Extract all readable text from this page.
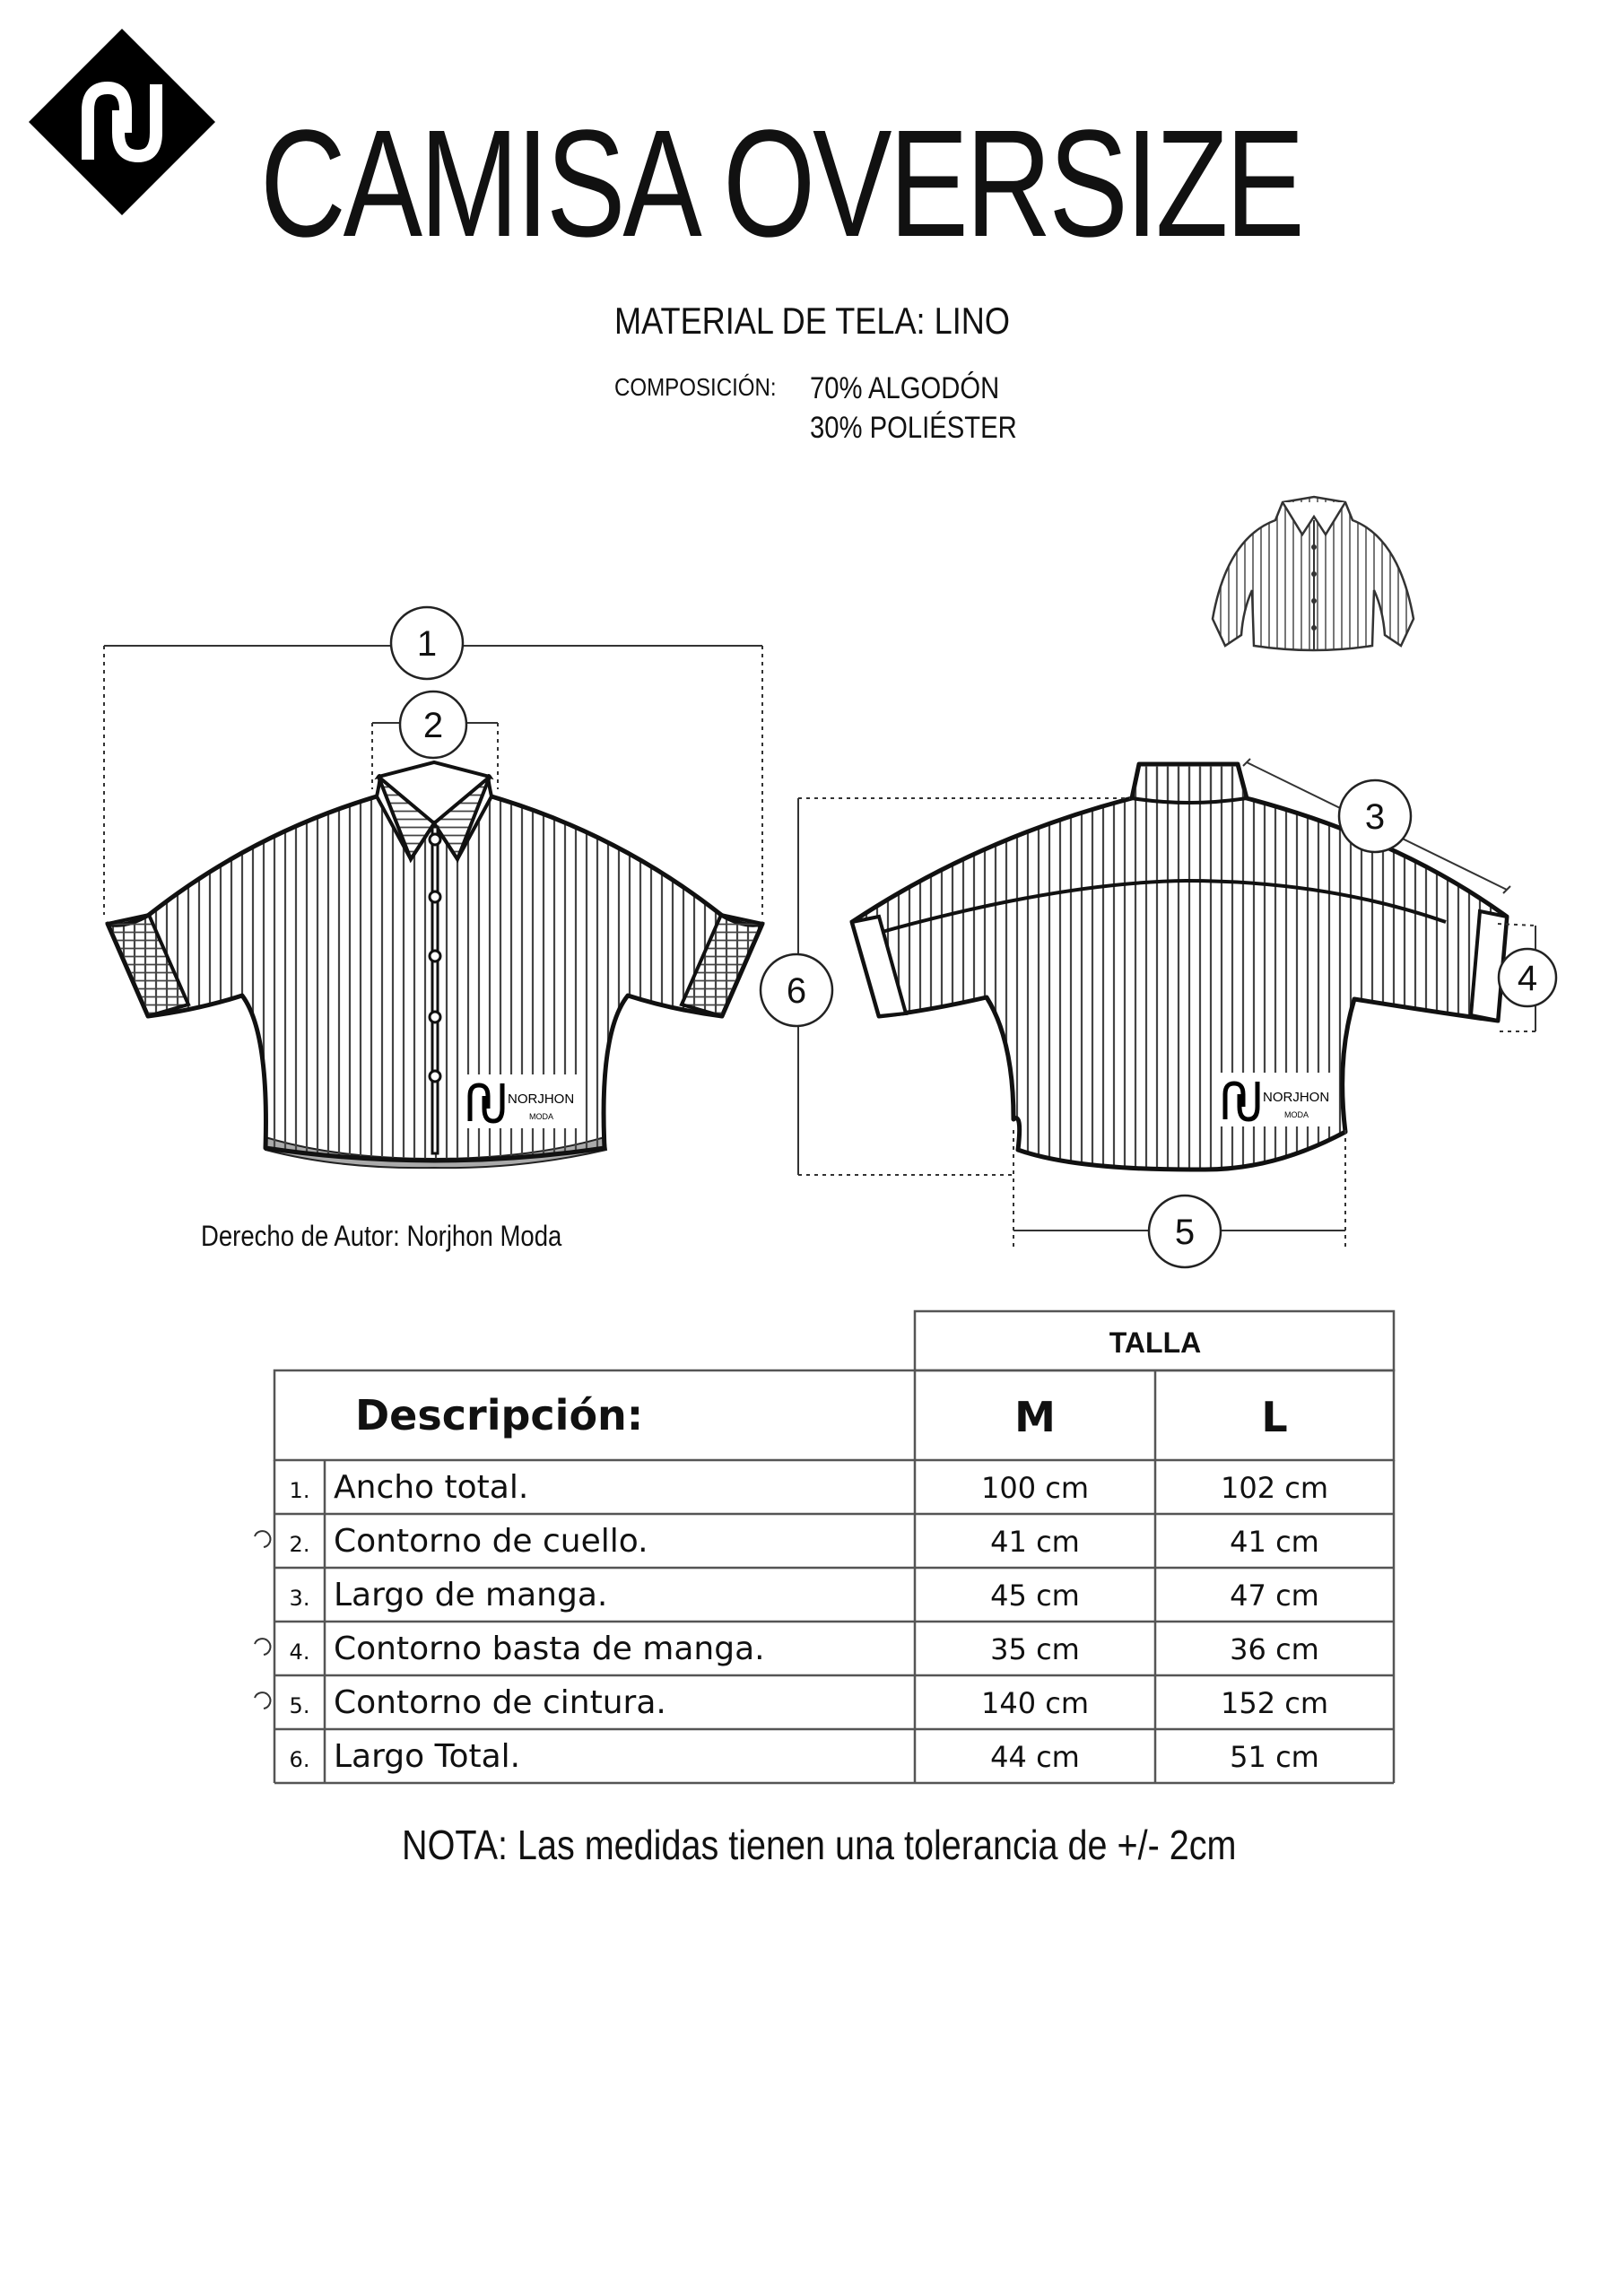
CAMISA OVERSIZE
MATERIAL DE TELA: LINO
COMPOSICIÓN: 70% ALGODÓN
30% POLIÉSTER
NORJHON
MODA
NORJHON
MODA
1
2
3
4
5
6
Derecho de Autor: Norjhon Moda
TALLA
Descripción:	M	L
1. Ancho total.	100 cm	102 cm
2. Contorno de cuello.	41 cm	41 cm
3. Largo de manga.	45 cm	47 cm
4. Contorno basta de manga.	35 cm	36 cm
5. Contorno de cintura.	140 cm	152 cm
6. Largo Total.	44 cm	51 cm
NOTA: Las medidas tienen una tolerancia de +/- 2cm
